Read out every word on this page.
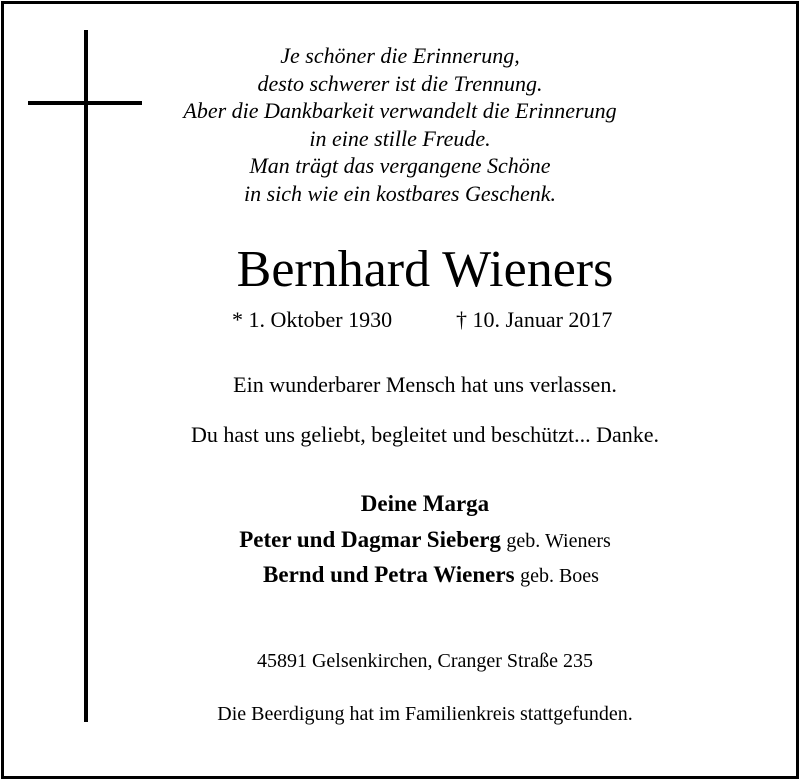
Je schöner die Erinnerung,
desto schwerer ist die Trennung.
Aber die Dankbarkeit verwandelt die Erinnerung
in eine stille Freude.
Man trägt das vergangene Schöne
in sich wie ein kostbares Geschenk.
Bernhard Wieners
* 1. Oktober 1930	† 10. Januar 2017
Ein wunderbarer Mensch hat uns verlassen.
Du hast uns geliebt, begleitet und beschützt... Danke.
Deine Marga
Peter und Dagmar Sieberg geb. Wieners
Bernd und Petra Wieners geb. Boes
45891 Gelsenkirchen, Cranger Straße 235
Die Beerdigung hat im Familienkreis stattgefunden.
